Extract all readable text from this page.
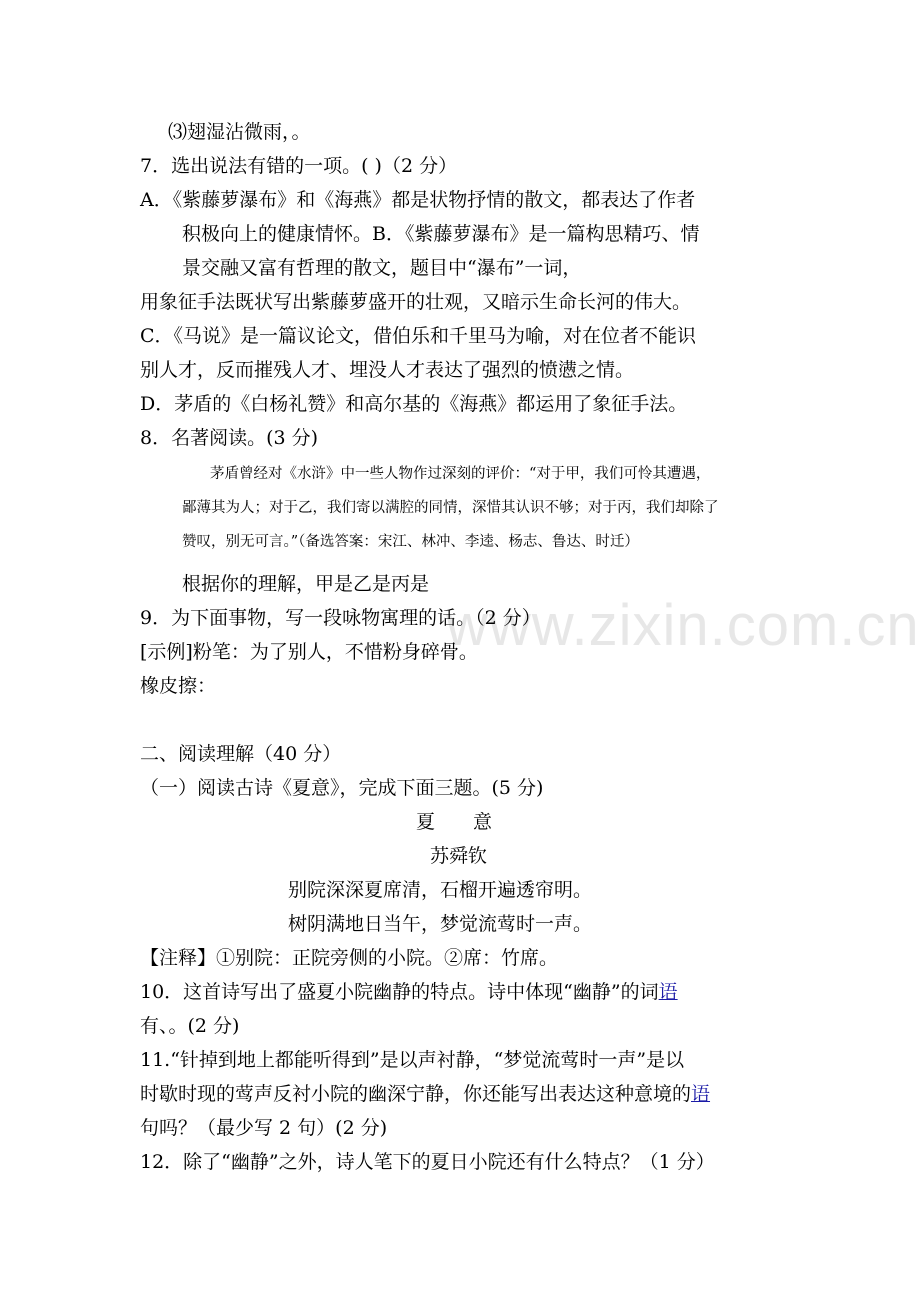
www.zixin.com.cn
⑶翅湿沾微雨，。
7．选出说法有错的一项。( )（2 分）
A．《紫藤萝瀑布》和《海燕》都是状物抒情的散文，都表达了作者
积极向上的健康情怀。B．《紫藤萝瀑布》是一篇构思精巧、情
景交融又富有哲理的散文，题目中“瀑布”一词，
用象征手法既状写出紫藤萝盛开的壮观，又暗示生命长河的伟大。
C．《马说》是一篇议论文，借伯乐和千里马为喻，对在位者不能识
别人才，反而摧残人才、埋没人才表达了强烈的愤懑之情。
D．茅盾的《白杨礼赞》和高尔基的《海燕》都运用了象征手法。
8．名著阅读。(3 分)
茅盾曾经对《水浒》中一些人物作过深刻的评价：“对于甲，我们可怜其遭遇，
鄙薄其为人；对于乙，我们寄以满腔的同情，深惜其认识不够；对于丙，我们却除了
赞叹，别无可言。”（备选答案：宋江、林冲、李逵、杨志、鲁达、时迁）
根据你的理解，甲是乙是丙是
9．为下面事物，写一段咏物寓理的话。（2 分）
[示例]粉笔：为了别人，不惜粉身碎骨。
橡皮擦：
二、阅读理解（40 分）
（一）阅读古诗《夏意》，完成下面三题。(5 分)
夏　　意
苏舜钦
别院深深夏席清，石榴开遍透帘明。
树阴满地日当午，梦觉流莺时一声。
【注释】①别院：正院旁侧的小院。②席：竹席。
10．这首诗写出了盛夏小院幽静的特点。诗中体现“幽静”的词语
有、。(2 分)
11.“针掉到地上都能听得到”是以声衬静，“梦觉流莺时一声”是以
时歇时现的莺声反衬小院的幽深宁静，你还能写出表达这种意境的语
句吗？（最少写 2 句）(2 分)
12．除了“幽静”之外，诗人笔下的夏日小院还有什么特点？（1 分）
